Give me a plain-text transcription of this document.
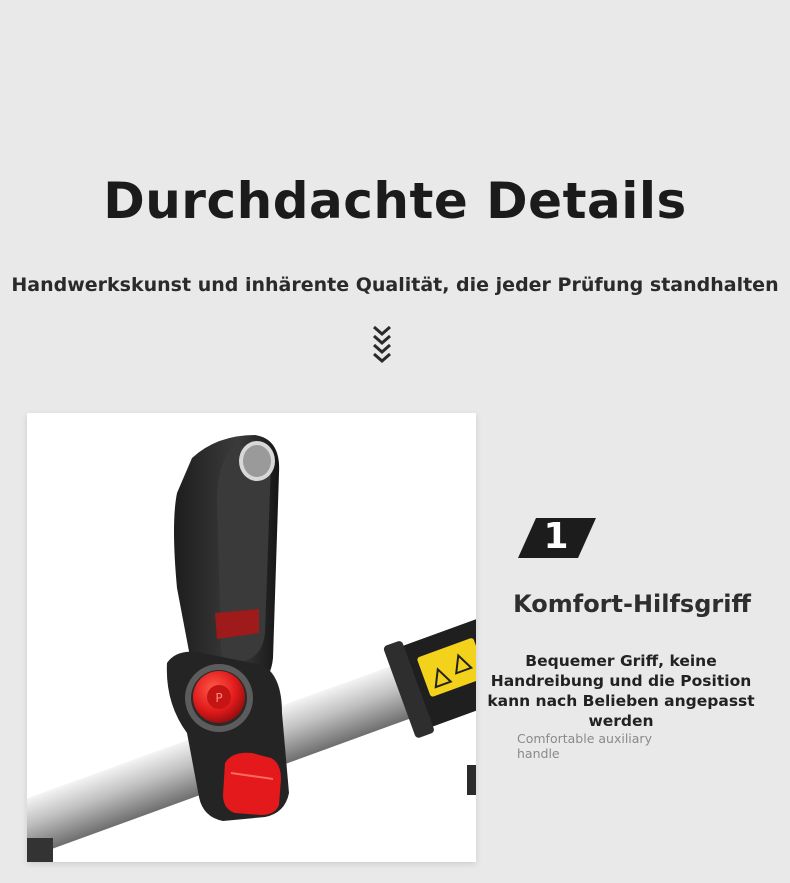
Durchdachte Details
Handwerkskunst und inhärente Qualität, die jeder Prüfung standhalten
P
1
Komfort-Hilfsgriff
Bequemer Griff, keine Handreibung und die Position kann nach Belieben angepasst werden
Comfortable auxiliary handle
